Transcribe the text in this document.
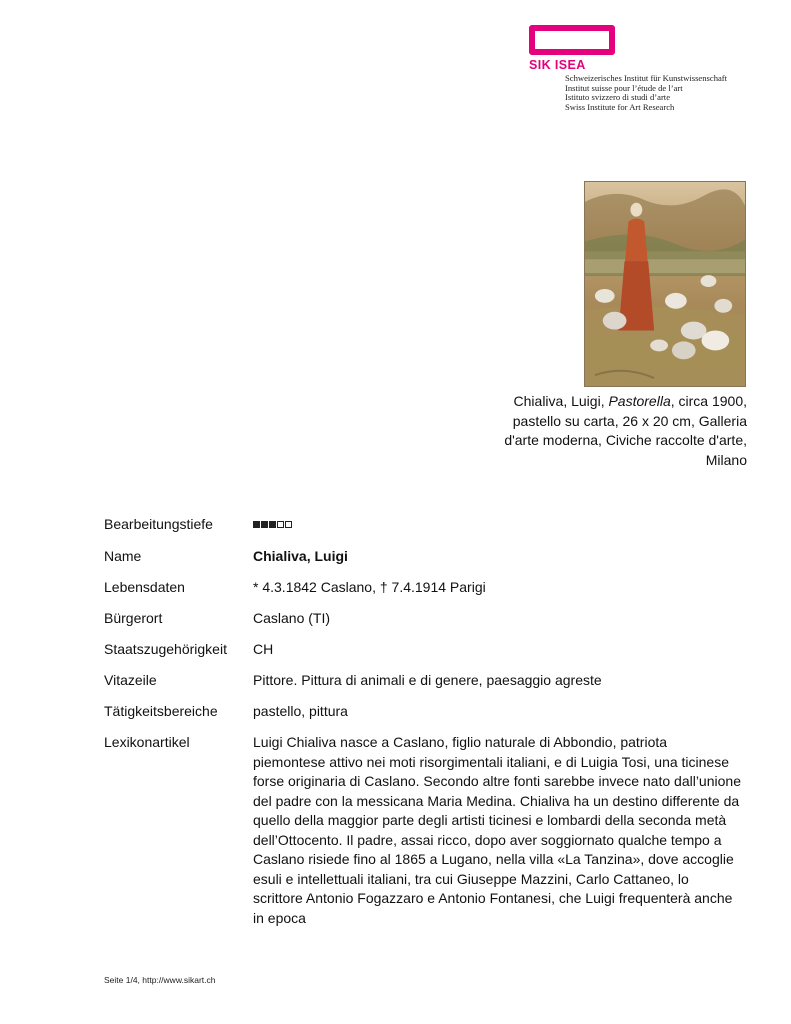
SIK ISEA
Schweizerisches Institut für Kunstwissenschaft
Institut suisse pour l’étude de l’art
Istituto svizzero di studi d’arte
Swiss Institute for Art Research
Chialiva, Luigi, Pastorella, circa 1900, pastello su carta, 26 x 20 cm, Galleria d'arte moderna, Civiche raccolte d'arte, Milano
Bearbeitungstiefe
Name	Chialiva, Luigi
Lebensdaten	* 4.3.1842 Caslano, † 7.4.1914 Parigi
Bürgerort	Caslano (TI)
Staatszugehörigkeit CH
Vitazeile	Pittore. Pittura di animali e di genere, paesaggio agreste
Tätigkeitsbereiche	pastello, pittura
Lexikonartikel	Luigi Chialiva nasce a Caslano, figlio naturale di Abbondio, patriota piemontese attivo nei moti risorgimentali italiani, e di Luigia Tosi, una ticinese forse originaria di Caslano. Secondo altre fonti sarebbe invece nato dall’unione del padre con la messicana Maria Medina. Chialiva ha un destino differente da quello della maggior parte degli artisti ticinesi e lombardi della seconda metà dell’Ottocento. Il padre, assai ricco, dopo aver soggiornato qualche tempo a Caslano risiede fino al 1865 a Lugano, nella villa «La Tanzina», dove accoglie esuli e intellettuali italiani, tra cui Giuseppe Mazzini, Carlo Cattaneo, lo scrittore Antonio Fogazzaro e Antonio Fontanesi, che Luigi frequenterà anche in epoca
Seite 1/4, http://www.sikart.ch
